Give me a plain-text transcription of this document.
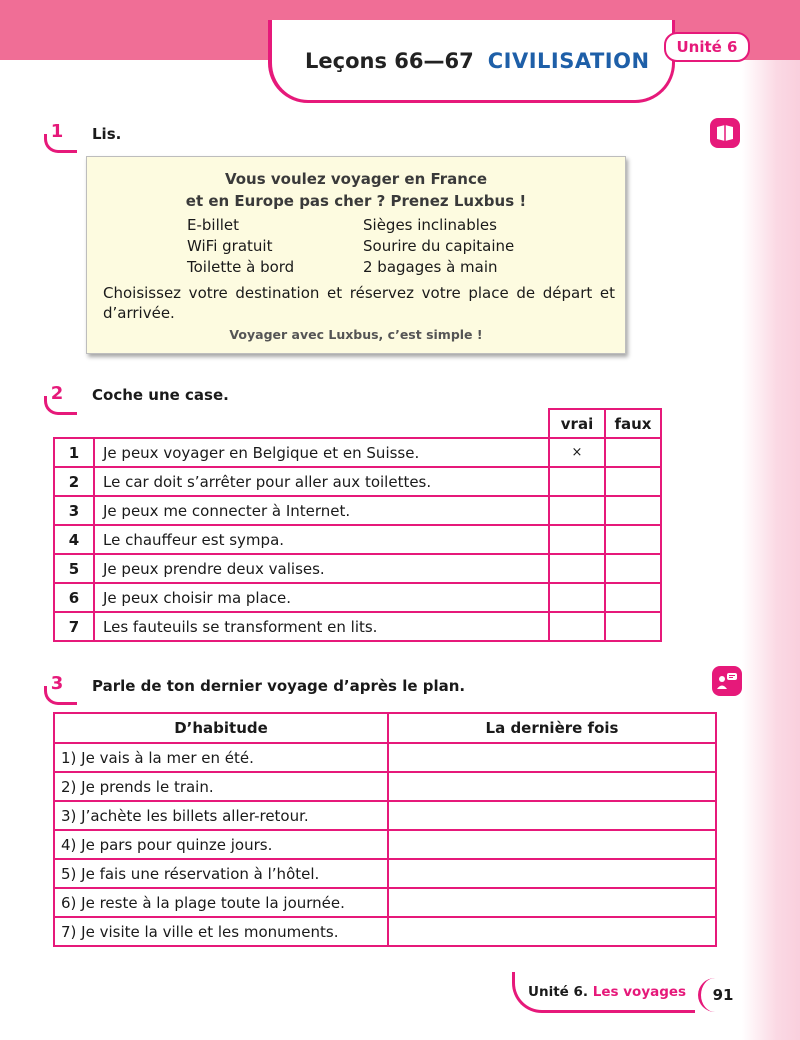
Leçons 66—67 CIVILISATION
Unité 6
1	Lis.
Vous voulez voyager en France
et en Europe pas cher ? Prenez Luxbus !
E-billet
WiFi gratuit
Toilette à bord
Sièges inclinables
Sourire du capitaine
2 bagages à main
Choisissez votre destination et réservez votre place de départ et d’arrivée.
Voyager avec Luxbus, c’est simple !
2	Coche une case.
		vrai	faux
1	Je peux voyager en Belgique et en Suisse.	×	
2	Le car doit s’arrêter pour aller aux toilettes.		
3	Je peux me connecter à Internet.		
4	Le chauffeur est sympa.		
5	Je peux prendre deux valises.		
6	Je peux choisir ma place.		
7	Les fauteuils se transforment en lits.		
3	Parle de ton dernier voyage d’après le plan.
D’habitude	La dernière fois
1) Je vais à la mer en été.	
2) Je prends le train.	
3) J’achète les billets aller-retour.	
4) Je pars pour quinze jours.	
5) Je fais une réservation à l’hôtel.	
6) Je reste à la plage toute la journée.	
7) Je visite la ville et les monuments.	
Unité 6. Les voyages	91
